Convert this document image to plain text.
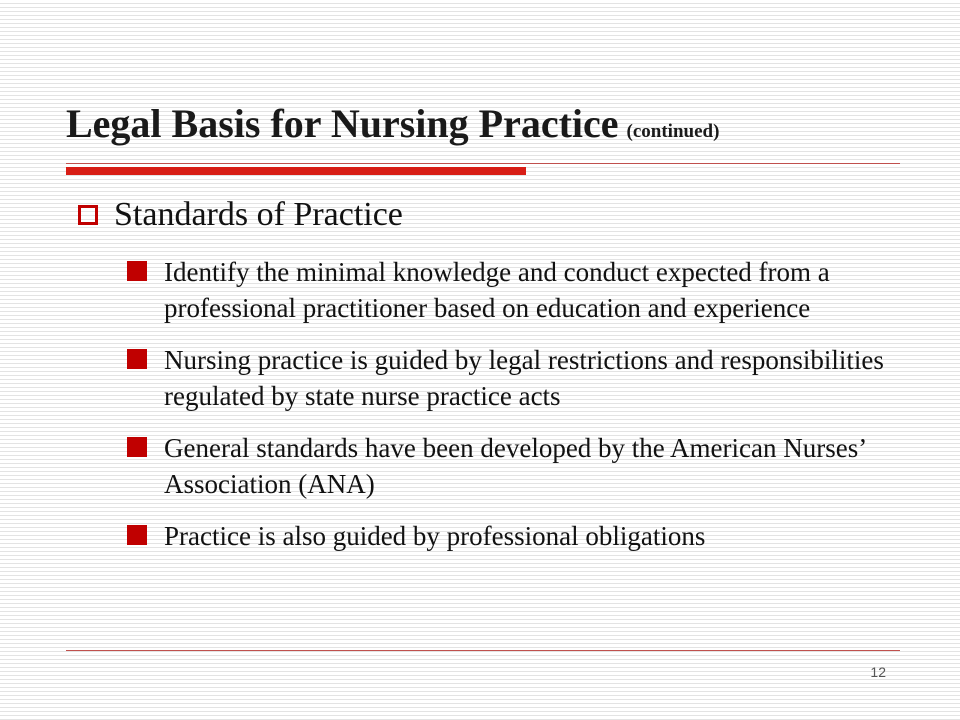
Legal Basis for Nursing Practice (continued)
Standards of Practice
Identify the minimal knowledge and conduct expected from a professional practitioner based on education and experience
Nursing practice is guided by legal restrictions and responsibilities regulated by state nurse practice acts
General standards have been developed by the American Nurses’ Association (ANA)
Practice is also guided by professional obligations
12
